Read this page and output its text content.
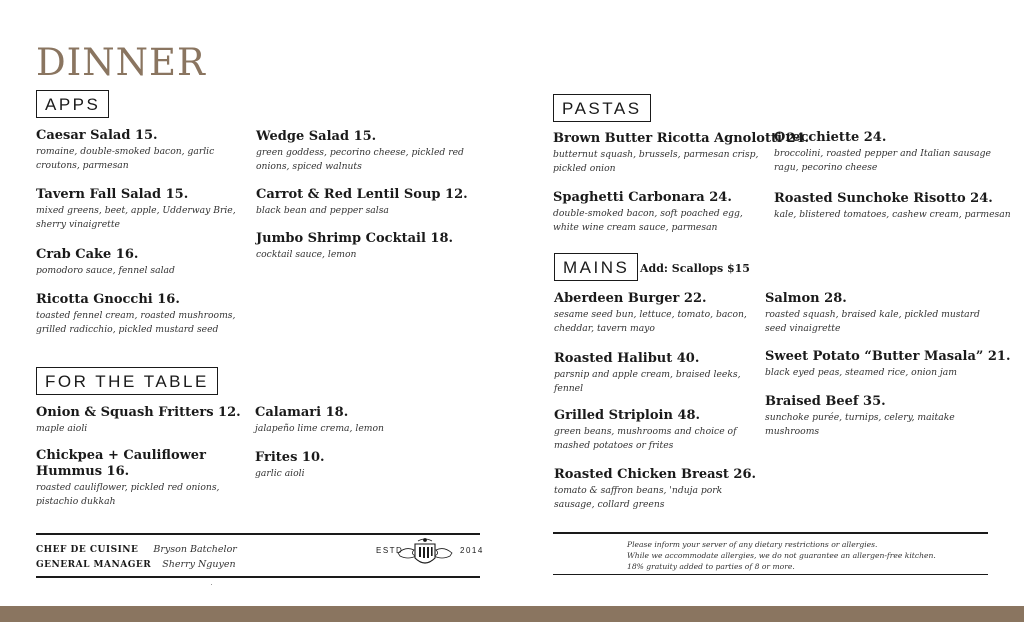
DINNER
APPS
Caesar Salad 15.
romaine, double-smoked bacon, garlic croutons, parmesan
Tavern Fall Salad 15.
mixed greens, beet, apple, Udderway Brie, sherry vinaigrette
Crab Cake 16.
pomodoro sauce, fennel salad
Ricotta Gnocchi 16.
toasted fennel cream, roasted mushrooms, grilled radicchio, pickled mustard seed
Wedge Salad 15.
green goddess, pecorino cheese, pickled red onions, spiced walnuts
Carrot & Red Lentil Soup 12.
black bean and pepper salsa
Jumbo Shrimp Cocktail 18.
cocktail sauce, lemon
FOR THE TABLE
Onion & Squash Fritters 12.
maple aioli
Chickpea + Cauliflower Hummus 16.
roasted cauliflower, pickled red onions, pistachio dukkah
Calamari 18.
jalapeño lime crema, lemon
Frites 10.
garlic aioli
CHEF DE CUISINE Bryson Batchelor
GENERAL MANAGER Sherry Nguyen
ESTD	2014
PASTAS
Brown Butter Ricotta Agnolotti 24.
butternut squash, brussels, parmesan crisp, pickled onion
Spaghetti Carbonara 24.
double-smoked bacon, soft poached egg, white wine cream sauce, parmesan
Orecchiette 24.
broccolini, roasted pepper and Italian sausage ragu, pecorino cheese
Roasted Sunchoke Risotto 24.
kale, blistered tomatoes, cashew cream, parmesan
MAINS Add: Scallops $15
Aberdeen Burger 22.
sesame seed bun, lettuce, tomato, bacon, cheddar, tavern mayo
Roasted Halibut 40.
parsnip and apple cream, braised leeks, fennel
Grilled Striploin 48.
green beans, mushrooms and choice of mashed potatoes or frites
Roasted Chicken Breast 26.
tomato & saffron beans, 'nduja pork sausage, collard greens
Salmon 28.
roasted squash, braised kale, pickled mustard seed vinaigrette
Sweet Potato “Butter Masala” 21.
black eyed peas, steamed rice, onion jam
Braised Beef 35.
sunchoke purée, turnips, celery, maitake mushrooms
Please inform your server of any dietary restrictions or allergies.
While we accommodate allergies, we do not guarantee an allergen-free kitchen.
18% gratuity added to parties of 8 or more.
